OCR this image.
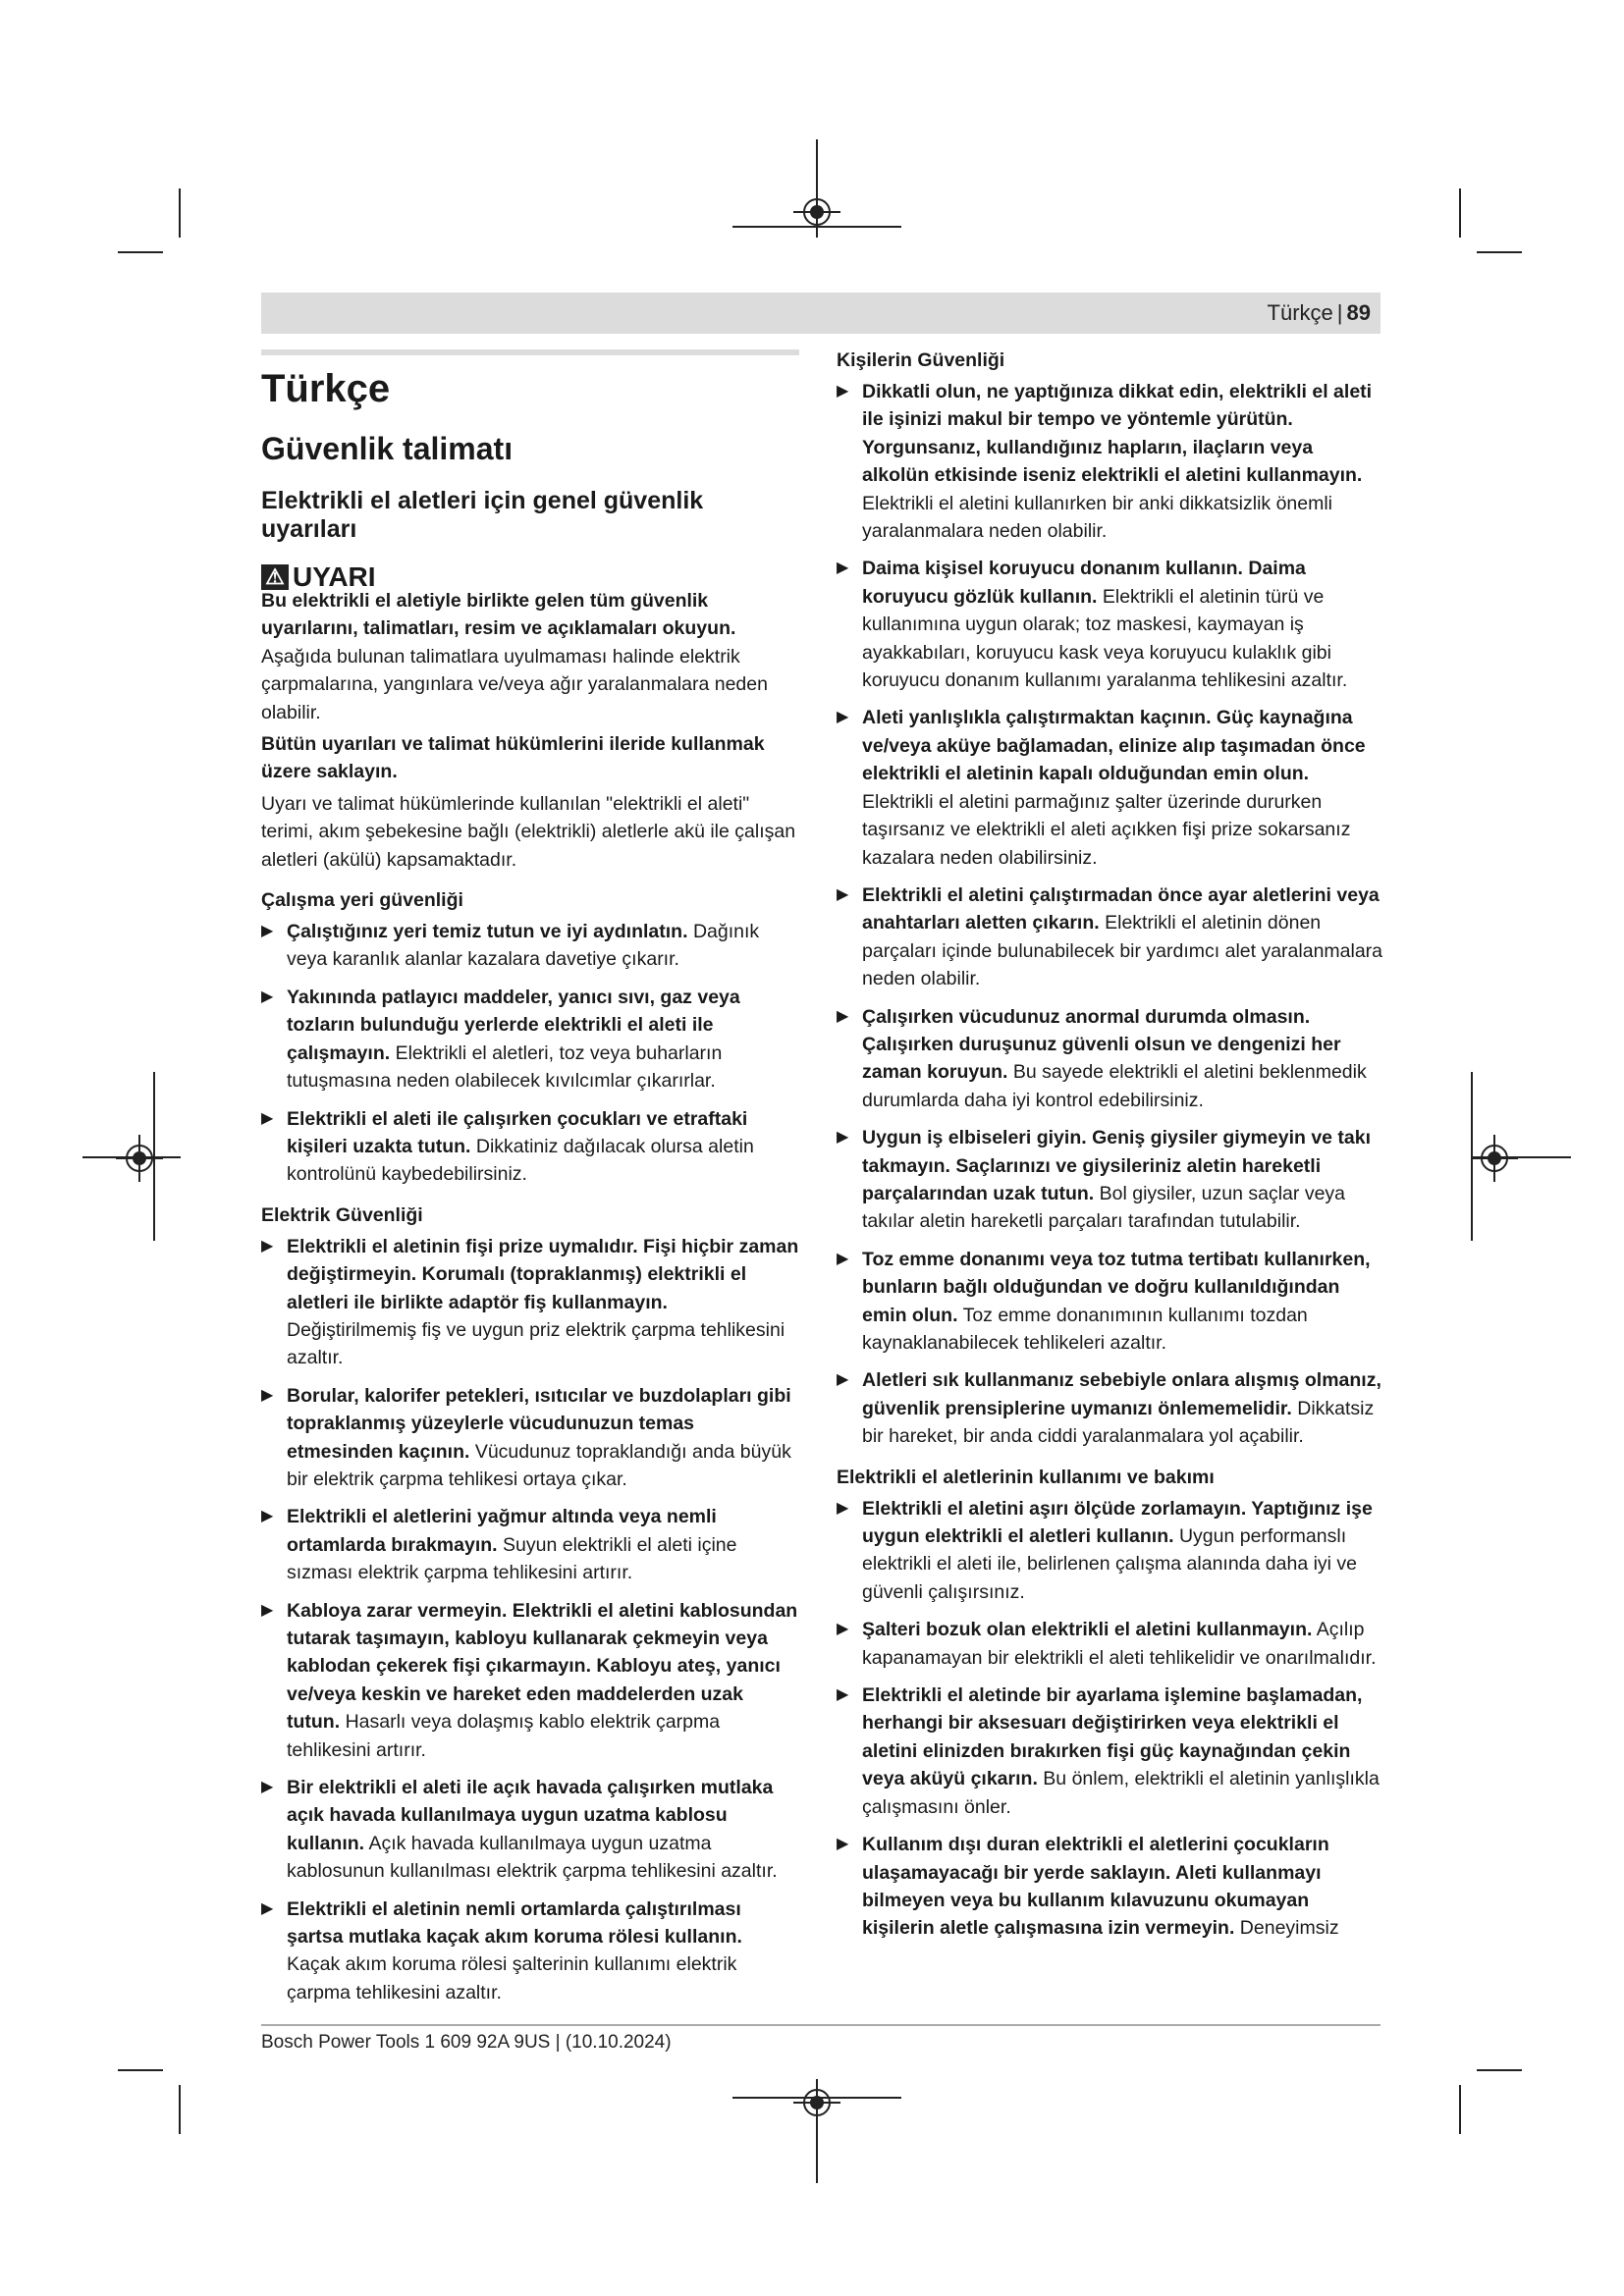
Türkçe | 89
Türkçe
Güvenlik talimatı
Elektrikli el aletleri için genel güvenlik uyarıları
⚠ UYARI

Bu elektrikli el aletiyle birlikte gelen tüm güvenlik uyarılarını, talimatları, resim ve açıklamaları okuyun. Aşağıda bulunan talimatlara uyulmaması halinde elektrik çarpmalarına, yangınlara ve/veya ağır yaralanmalara neden olabilir.

Bütün uyarıları ve talimat hükümlerini ileride kullanmak üzere saklayın.

Uyarı ve talimat hükümlerinde kullanılan "elektrikli el aleti" terimi, akım şebekesine bağlı (elektrikli) aletlerle akü ile çalışan aletleri (akülü) kapsamaktadır.

Çalışma yeri güvenliği
▶ Çalıştığınız yeri temiz tutun ve iyi aydınlatın. Dağınık veya karanlık alanlar kazalara davetiye çıkarır.
▶ Yakınında patlayıcı maddeler, yanıcı sıvı, gaz veya tozların bulunduğu yerlerde elektrikli el aleti ile çalışmayın. Elektrikli el aletleri, toz veya buharların tutuşmasına neden olabilecek kıvılcımlar çıkarırlar.
▶ Elektrikli el aleti ile çalışırken çocukları ve etraftaki kişileri uzakta tutun. Dikkatiniz dağılacak olursa aletin kontrolünü kaybedebilirsiniz.
Elektrik Güvenliği
▶ Elektrikli el aletinin fişi prize uymalıdır. Fişi hiçbir zaman değiştirmeyin. Korumalı (topraklanmış) elektrikli el aletleri ile birlikte adaptör fiş kullanmayın. Değiştirilmemiş fiş ve uygun priz elektrik çarpma tehlikesini azaltır.
▶ Borular, kalorifer petekleri, ısıtıcılar ve buzdolapları gibi topraklanmış yüzeylerle vücudunuzun temas etmesinden kaçının. Vücudunuz topraklandığı anda büyük bir elektrik çarpma tehlikesi ortaya çıkar.
▶ Elektrikli el aletlerini yağmur altında veya nemli ortamlarda bırakmayın. Suyun elektrikli el aleti içine sızması elektrik çarpma tehlikesini artırır.
▶ Kabloya zarar vermeyin. Elektrikli el aletini kablosundan tutarak taşımayın, kabloyu kullanarak çekmeyin veya kablodan çekerek fişi çıkarmayın. Kabloyu ateş, yanıcı ve/veya keskin ve hareket eden maddelerden uzak tutun. Hasarlı veya dolaşmış kablo elektrik çarpma tehlikesini artırır.
▶ Bir elektrikli el aleti ile açık havada çalışırken mutlaka açık havada kullanılmaya uygun uzatma kablosu kullanın. Açık havada kullanılmaya uygun uzatma kablosunun kullanılması elektrik çarpma tehlikesini azaltır.
▶ Elektrikli el aletinin nemli ortamlarda çalıştırılması şartsa mutlaka kaçak akım koruma rölesi kullanın. Kaçak akım koruma rölesi şalterinin kullanımı elektrik çarpma tehlikesini azaltır.
Kişilerin Güvenliği
▶ Dikkatli olun, ne yaptığınıza dikkat edin, elektrikli el aleti ile işinizi makul bir tempo ve yöntemle yürütün. Yorgunsanız, kullandığınız hapların, ilaçların veya alkolün etkisinde iseniz elektrikli el aletini kullanmayın. Elektrikli el aletini kullanırken bir anki dikkatsizlik önemli yaralanmalara neden olabilir.
▶ Daima kişisel koruyucu donanım kullanın. Daima koruyucu gözlük kullanın. Elektrikli el aletinin türü ve kullanımına uygun olarak; toz maskesi, kaymayan iş ayakkabıları, koruyucu kask veya koruyucu kulaklık gibi koruyucu donanım kullanımı yaralanma tehlikesini azaltır.
▶ Aleti yanlışlıkla çalıştırmaktan kaçının. Güç kaynağına ve/veya aküye bağlamadan, elinize alıp taşımadan önce elektrikli el aletinin kapalı olduğundan emin olun. Elektrikli el aletini parmağınız şalter üzerinde dururken taşırsanız ve elektrikli el aleti açıkken fişi prize sokarsanız kazalara neden olabilirsiniz.
▶ Elektrikli el aletini çalıştırmadan önce ayar aletlerini veya anahtarları aletten çıkarın. Elektrikli el aletinin dönen parçaları içinde bulunabilecek bir yardımcı alet yaralanmalara neden olabilir.
▶ Çalışırken vücudunuz anormal durumda olmasın. Çalışırken duruşunuz güvenli olsun ve dengenizi her zaman koruyun. Bu sayede elektrikli el aletini beklenmedik durumlarda daha iyi kontrol edebilirsiniz.
▶ Uygun iş elbiseleri giyin. Geniş giysiler giymeyin ve takı takmayın. Saçlarınızı ve giysileriniz aletin hareketli parçalarından uzak tutun. Bol giysiler, uzun saçlar veya takılar aletin hareketli parçaları tarafından tutulabilir.
▶ Toz emme donanımı veya toz tutma tertibatı kullanırken, bunların bağlı olduğundan ve doğru kullanıldığından emin olun. Toz emme donanımının kullanımı tozdan kaynaklanabilecek tehlikeleri azaltır.
▶ Aletleri sık kullanmanız sebebiyle onlara alışmış olmanız, güvenlik prensiplerine uymanızı önlememelidir. Dikkatsiz bir hareket, bir anda ciddi yaralanmalara yol açabilir.
Elektrikli el aletlerinin kullanımı ve bakımı
▶ Elektrikli el aletini aşırı ölçüde zorlamayın. Yaptığınız işe uygun elektrikli el aletleri kullanın. Uygun performanslı elektrikli el aleti ile, belirlenen çalışma alanında daha iyi ve güvenli çalışırsınız.
▶ Şalteri bozuk olan elektrikli el aletini kullanmayın. Açılıp kapanamayan bir elektrikli el aleti tehlikelidir ve onarılmalıdır.
▶ Elektrikli el aletinde bir ayarlama işlemine başlamadan, herhangi bir aksesuarı değiştirirken veya elektrikli el aletini elinizden bırakırken fişi güç kaynağından çekin veya aküyü çıkarın. Bu önlem, elektrikli el aletinin yanlışlıkla çalışmasını önler.
▶ Kullanım dışı duran elektrikli el aletlerini çocukların ulaşamayacağı bir yerde saklayın. Aleti kullanmayı bilmeyen veya bu kullanım kılavuzunu okumayan kişilerin aletle çalışmasına izin vermeyin. Deneyimsiz
Bosch Power Tools 1 609 92A 9US | (10.10.2024)
